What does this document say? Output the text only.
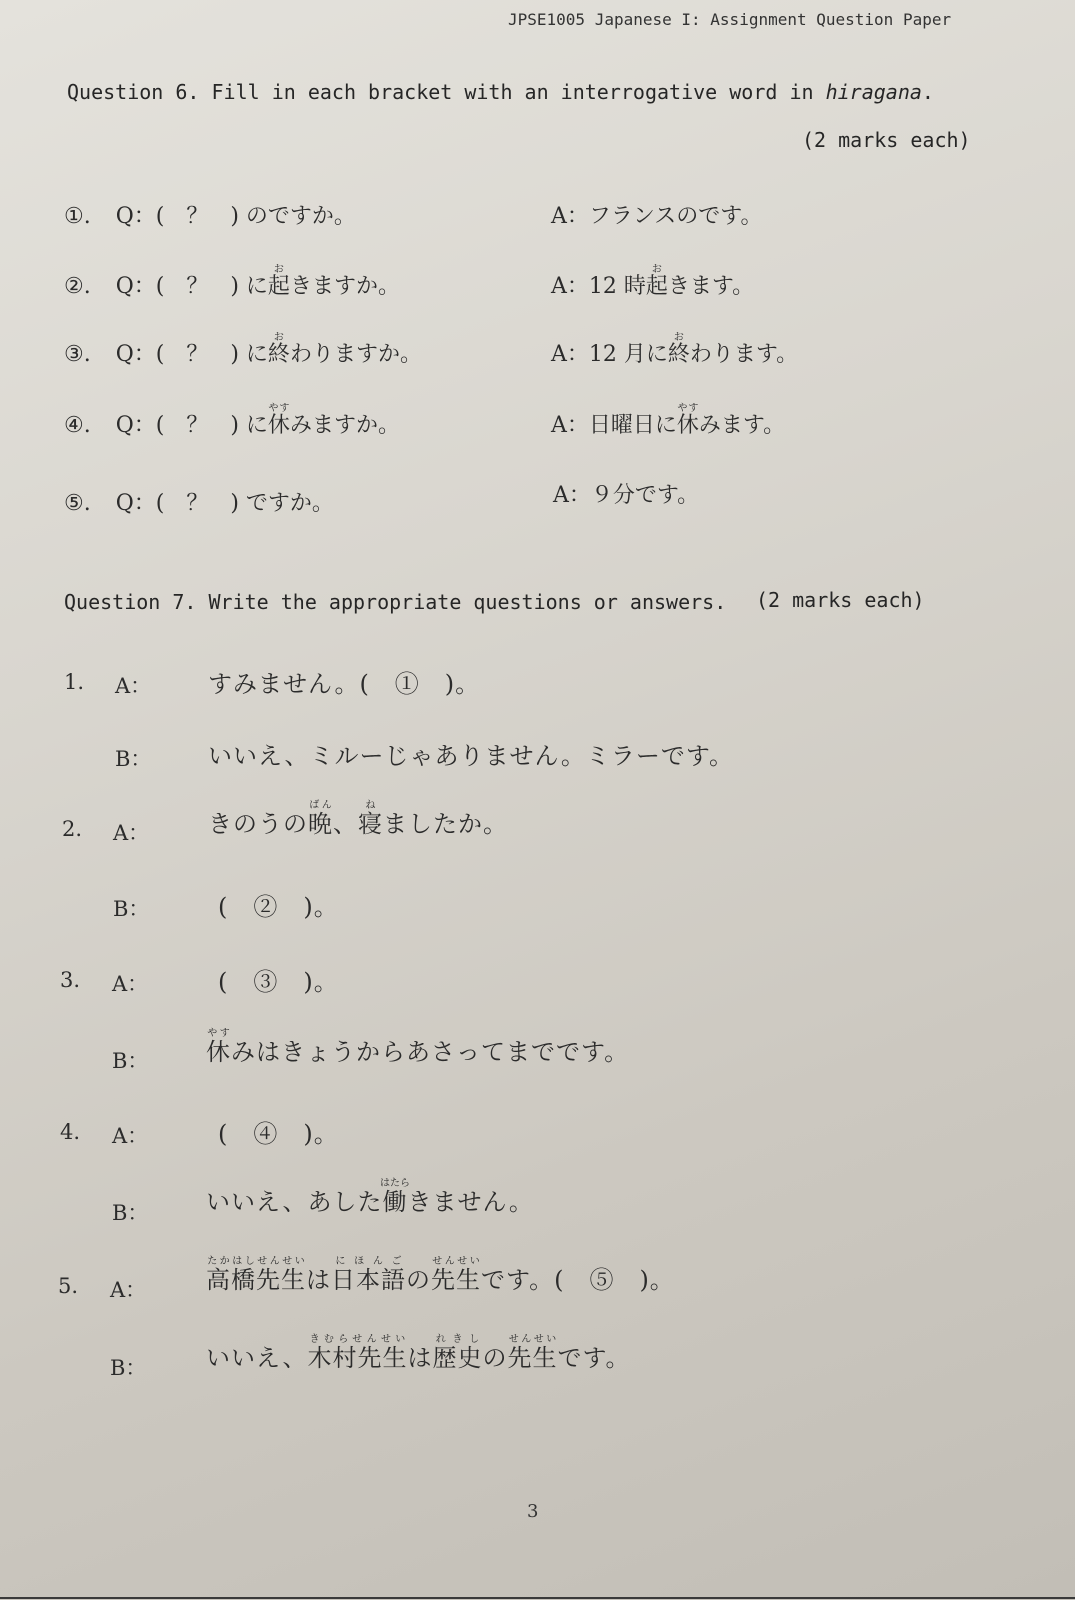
JPSE1005 Japanese I: Assignment Question Paper
Question 6. Fill in each bracket with an interrogative word in hiragana.
(2 marks each)
①. Q：(　？　) のですか。	A：フランスのです。
②. Q：(　？　) に起おきますか。	A：12 時起おきます。
③. Q：(　？　) に終おわりますか。	A：12 月に終おわります。
④. Q：(　？　) に休やすみますか。	A：日曜日に休やすみます。
⑤. Q：(　？　) ですか。	A：９分です。
Question 7. Write the appropriate questions or answers. (2 marks each)
1. A： すみません。(　①　)。
B： いいえ、ミルーじゃありません。ミラーです。
2. A： きのうの晩ばん、寝ねましたか。
B：	(　②　)。
3. A：	(　③　)。
B： 休やすみはきょうからあさってまでです。
4. A：	(　④　)。
B： いいえ、あした働はたらきません。
5. A： 高橋先生たかはしせんせいは日本語にほんごの先生せんせいです。(　⑤　)。
B： いいえ、木村先生きむらせんせいは歴史れきしの先生せんせいです。
3
